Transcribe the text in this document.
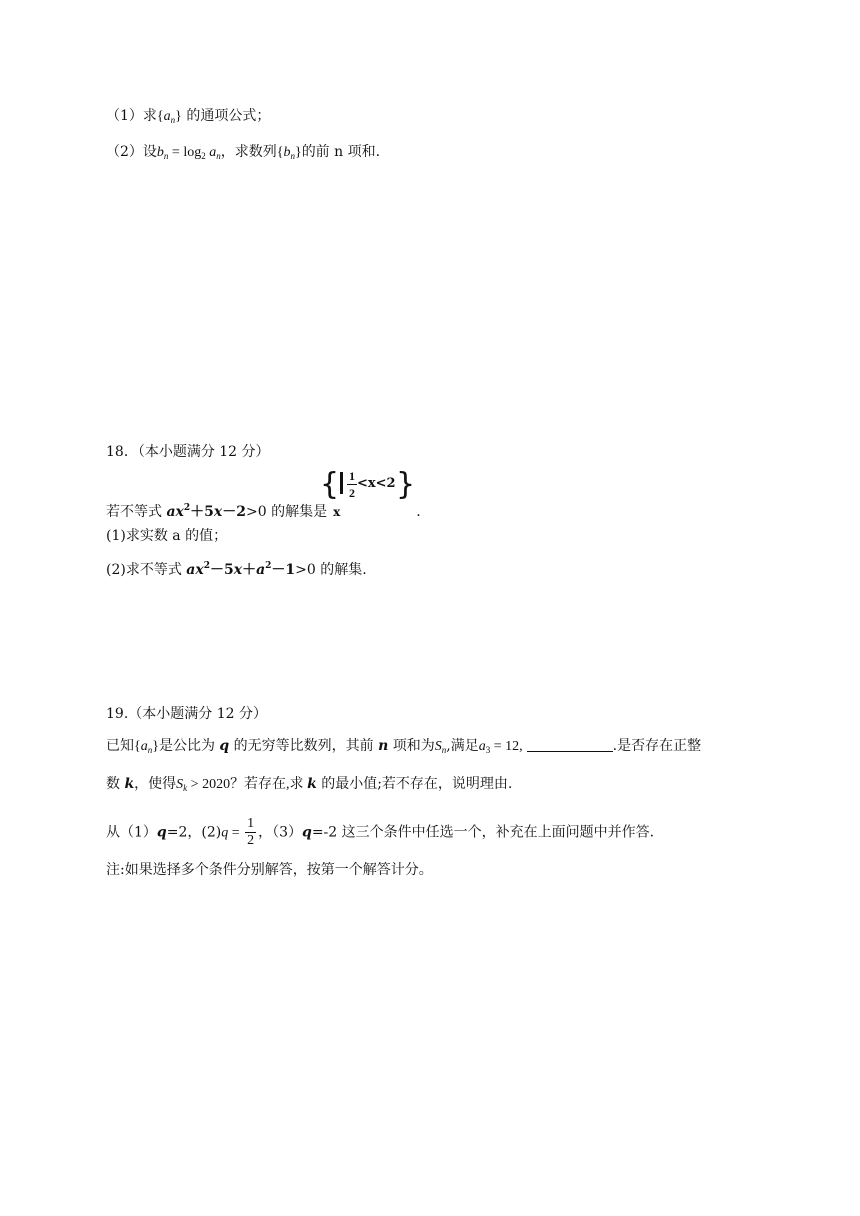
（1）求$\{a_n\}$ 的通项公式；
（2）设$b_n = \log_2 a_n$，求数列$\{b_n\}$的前 n 项和.
18．（本小题满分 12 分）
{ $\frac{1}{2} <x<2$ }
若不等式 $ax^2+5x-2>0$ 的解集是 x	.
(1)求实数 a 的值；
(2)求不等式 $ax^2-5x+a^2-1>0$ 的解集.
19.（本小题满分 12 分）
已知$\{a_n\}$是公比为 q 的无穷等比数列，其前 n 项和为$S_n$,满足$a_3 = 12$,	.是否存在正整
数 k，使得$S_k > 2020$？若存在,求 k 的最小值;若不存在，说明理由.
从（1）q=2，$(2)q = \frac{1}{2}$ ，（3）q=-2 这三个条件中任选一个，补充在上面问题中并作答.
注:如果选择多个条件分别解答，按第一个解答计分。
